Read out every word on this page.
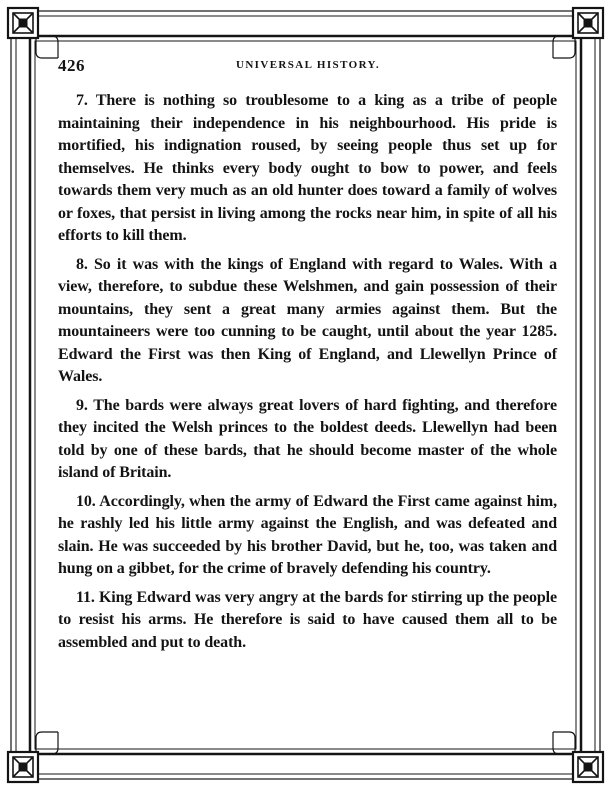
426	UNIVERSAL HISTORY.

7. There is nothing so troublesome to a king as a tribe of people maintaining their independence in his neighbourhood. His pride is mortified, his indignation roused, by seeing people thus set up for themselves. He thinks every body ought to bow to power, and feels towards them very much as an old hunter does toward a family of wolves or foxes, that persist in living among the rocks near him, in spite of all his efforts to kill them.

8. So it was with the kings of England with regard to Wales. With a view, therefore, to subdue these Welshmen, and gain possession of their mountains, they sent a great many armies against them. But the mountaineers were too cunning to be caught, until about the year 1285. Edward the First was then King of England, and Llewellyn Prince of Wales.

9. The bards were always great lovers of hard fighting, and therefore they incited the Welsh princes to the boldest deeds. Llewellyn had been told by one of these bards, that he should become master of the whole island of Britain.

10. Accordingly, when the army of Edward the First came against him, he rashly led his little army against the English, and was defeated and slain. He was succeeded by his brother David, but he, too, was taken and hung on a gibbet, for the crime of bravely defending his country.

11. King Edward was very angry at the bards for stirring up the people to resist his arms. He therefore is said to have caused them all to be assembled and put to death.
